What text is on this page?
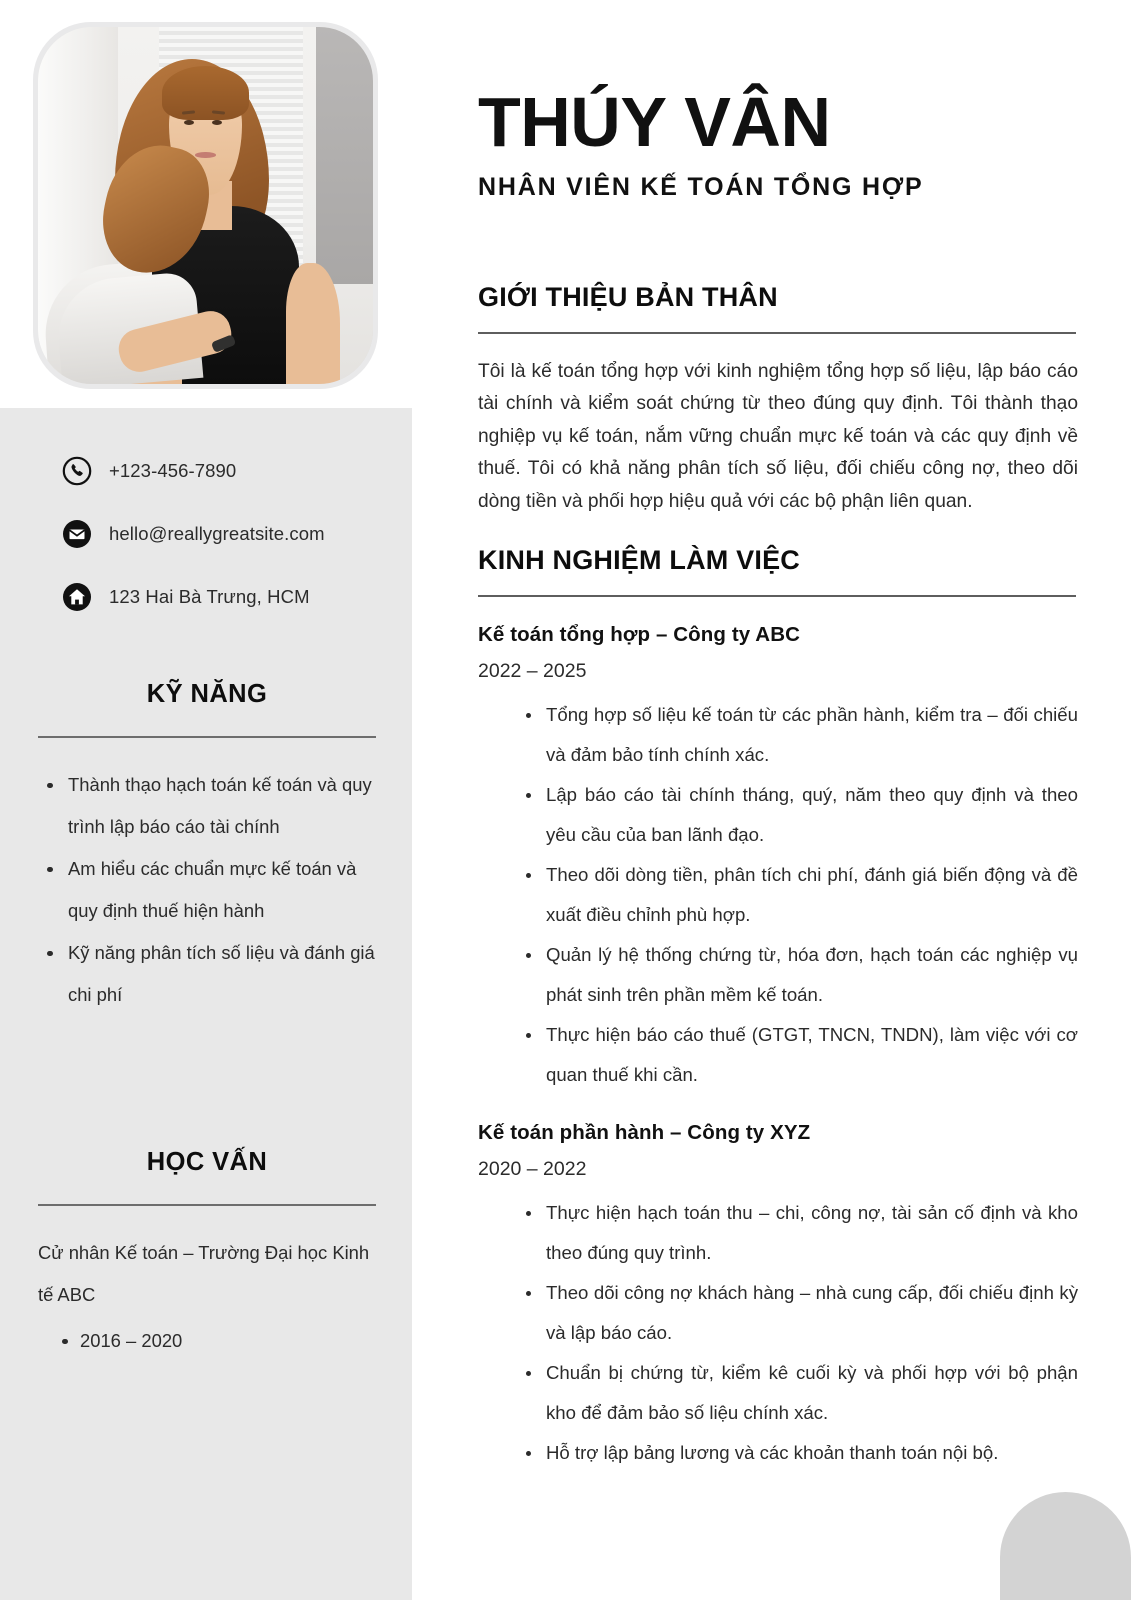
+123-456-7890
hello@reallygreatsite.com
123 Hai Bà Trưng, HCM
KỸ NĂNG
Thành thạo hạch toán kế toán và quy trình lập báo cáo tài chính
Am hiểu các chuẩn mực kế toán và quy định thuế hiện hành
Kỹ năng phân tích số liệu và đánh giá chi phí
HỌC VẤN
Cử nhân Kế toán – Trường Đại học Kinh tế ABC
2016 – 2020
THÚY VÂN
NHÂN VIÊN KẾ TOÁN TỔNG HỢP
GIỚI THIỆU BẢN THÂN
Tôi là kế toán tổng hợp với kinh nghiệm tổng hợp số liệu, lập báo cáo tài chính và kiểm soát chứng từ theo đúng quy định. Tôi thành thạo nghiệp vụ kế toán, nắm vững chuẩn mực kế toán và các quy định về thuế. Tôi có khả năng phân tích số liệu, đối chiếu công nợ, theo dõi dòng tiền và phối hợp hiệu quả với các bộ phận liên quan.
KINH NGHIỆM LÀM VIỆC
Kế toán tổng hợp – Công ty ABC
2022 – 2025
Tổng hợp số liệu kế toán từ các phần hành, kiểm tra – đối chiếu và đảm bảo tính chính xác.
Lập báo cáo tài chính tháng, quý, năm theo quy định và theo yêu cầu của ban lãnh đạo.
Theo dõi dòng tiền, phân tích chi phí, đánh giá biến động và đề xuất điều chỉnh phù hợp.
Quản lý hệ thống chứng từ, hóa đơn, hạch toán các nghiệp vụ phát sinh trên phần mềm kế toán.
Thực hiện báo cáo thuế (GTGT, TNCN, TNDN), làm việc với cơ quan thuế khi cần.
Kế toán phần hành – Công ty XYZ
2020 – 2022
Thực hiện hạch toán thu – chi, công nợ, tài sản cố định và kho theo đúng quy trình.
Theo dõi công nợ khách hàng – nhà cung cấp, đối chiếu định kỳ và lập báo cáo.
Chuẩn bị chứng từ, kiểm kê cuối kỳ và phối hợp với bộ phận kho để đảm bảo số liệu chính xác.
Hỗ trợ lập bảng lương và các khoản thanh toán nội bộ.
